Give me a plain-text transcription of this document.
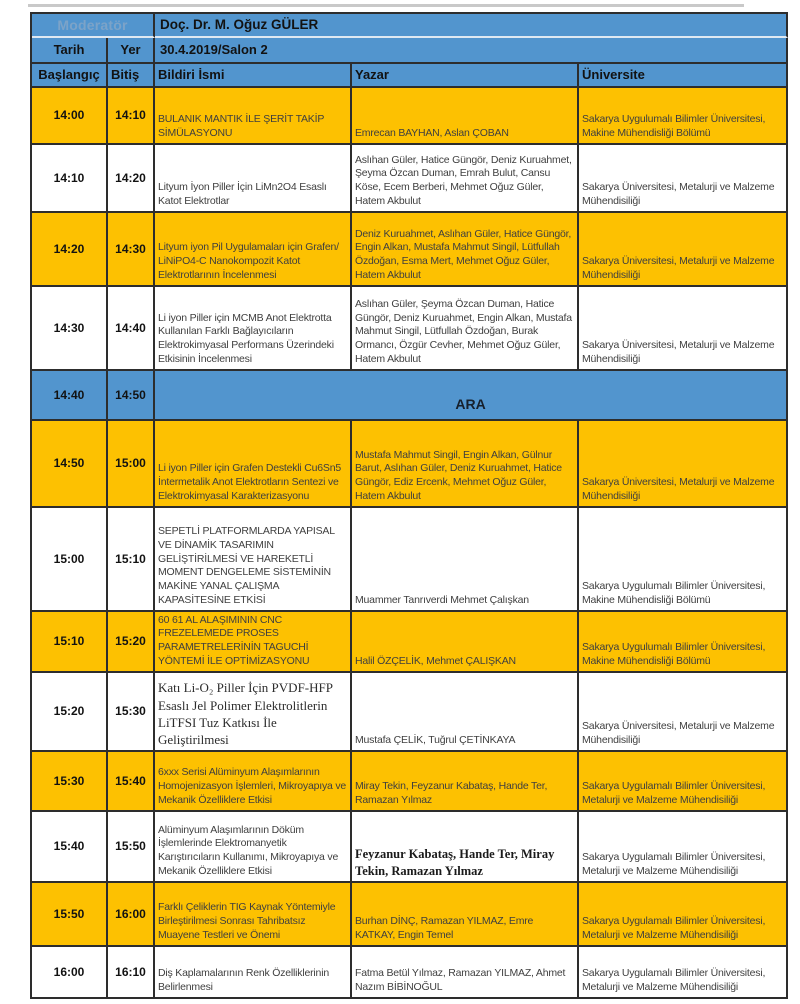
Moderatör		Doç. Dr. M. Oğuz GÜLER		
Tarih	Yer	30.4.2019/Salon 2		
Başlangıç	Bitiş	Bildiri İsmi	Yazar	Üniversite
14:00	14:10	BULANIK MANTIK İLE ŞERİT TAKİP SİMÜLASYONU	Emrecan BAYHAN, Aslan ÇOBAN	Sakarya Uygulumalı Bilimler Üniversitesi, Makine Mühendisliği Bölümü
14:10	14:20	Lityum İyon Piller İçin LiMn2O4 Esaslı Katot Elektrotlar	Aslıhan Güler, Hatice Güngör, Deniz Kuruahmet, Şeyma Özcan Duman, Emrah Bulut, Cansu Köse, Ecem Berberi, Mehmet Oğuz Güler, Hatem Akbulut	Sakarya Üniversitesi, Metalurji ve Malzeme Mühendisiliği
14:20	14:30	Lityum iyon Pil Uygulamaları için Grafen/ LiNiPO4-C Nanokompozit Katot Elektrotlarının İncelenmesi	Deniz Kuruahmet, Aslıhan Güler, Hatice Güngör, Engin Alkan, Mustafa Mahmut Singil, Lütfullah Özdoğan, Esma Mert, Mehmet Oğuz Güler, Hatem Akbulut	Sakarya Üniversitesi, Metalurji ve Malzeme Mühendisiliği
14:30	14:40	Li iyon Piller için MCMB Anot Elektrotta Kullanılan Farklı Bağlayıcıların Elektrokimyasal Performans Üzerindeki Etkisinin İncelenmesi	Aslıhan Güler, Şeyma Özcan Duman, Hatice Güngör, Deniz Kuruahmet, Engin Alkan, Mustafa Mahmut Singil, Lütfullah Özdoğan, Burak Ormancı, Özgür Cevher, Mehmet Oğuz Güler, Hatem Akbulut	Sakarya Üniversitesi, Metalurji ve Malzeme Mühendisiliği
14:40	14:50	ARA		
14:50	15:00	Li iyon Piller için Grafen Destekli Cu6Sn5 İntermetalik Anot Elektrotların Sentezi ve Elektrokimyasal Karakterizasyonu	Mustafa Mahmut Singil, Engin Alkan, Gülnur Barut, Aslıhan Güler, Deniz Kuruahmet, Hatice Güngör, Ediz Ercenk, Mehmet Oğuz Güler, Hatem Akbulut	Sakarya Üniversitesi, Metalurji ve Malzeme Mühendisiliği
15:00	15:10	SEPETLİ PLATFORMLARDA YAPISAL VE DİNAMİK TASARIMIN GELİŞTİRİLMESİ VE HAREKETLİ MOMENT DENGELEME SİSTEMİNİN MAKİNE YANAL ÇALIŞMA KAPASİTESİNE ETKİSİ	Muammer Tanrıverdi Mehmet Çalışkan	Sakarya Uygulumalı Bilimler Üniversitesi, Makine Mühendisliği Bölümü
15:10	15:20	60 61 AL ALAŞIMININ CNC FREZELEMEDE PROSES PARAMETRELERİNİN TAGUCHİ YÖNTEMİ İLE OPTİMİZASYONU	Halil ÖZÇELİK, Mehmet ÇALIŞKAN	Sakarya Uygulumalı Bilimler Üniversitesi, Makine Mühendisliği Bölümü
15:20	15:30	Katı Li-O₂ Piller İçin PVDF-HFP Esaslı Jel Polimer Elektrolitlerin LiTFSI Tuz Katkısı İle Geliştirilmesi	Mustafa ÇELİK, Tuğrul ÇETİNKAYA	Sakarya Üniversitesi, Metalurji ve Malzeme Mühendisiliği
15:30	15:40	6xxx Serisi Alüminyum Alaşımlarının Homojenizasyon İşlemleri, Mikroyapıya ve Mekanik Özelliklere Etkisi	Miray Tekin, Feyzanur Kabataş, Hande Ter, Ramazan Yılmaz	Sakarya Uygulamalı Bilimler Üniversitesi, Metalurji ve Malzeme Mühendisiliği
15:40	15:50	Alüminyum Alaşımlarının Döküm İşlemlerinde Elektromanyetik Karıştırıcıların Kullanımı, Mikroyapıya ve Mekanik Özelliklere Etkisi	Feyzanur Kabataş, Hande Ter, Miray Tekin, Ramazan Yılmaz	Sakarya Uygulamalı Bilimler Üniversitesi, Metalurji ve Malzeme Mühendisiliği
15:50	16:00	Farklı Çeliklerin TIG Kaynak Yöntemiyle Birleştirilmesi Sonrası Tahribatsız Muayene Testleri ve Önemi	Burhan DİNÇ, Ramazan YILMAZ, Emre KATKAY, Engin Temel	Sakarya Uygulamalı Bilimler Üniversitesi, Metalurji ve Malzeme Mühendisiliği
16:00	16:10	Diş Kaplamalarının Renk Özelliklerinin Belirlenmesi	Fatma Betül Yılmaz, Ramazan YILMAZ, Ahmet Nazım BİBİNOĞUL	Sakarya Uygulamalı Bilimler Üniversitesi, Metalurji ve Malzeme Mühendisiliği
